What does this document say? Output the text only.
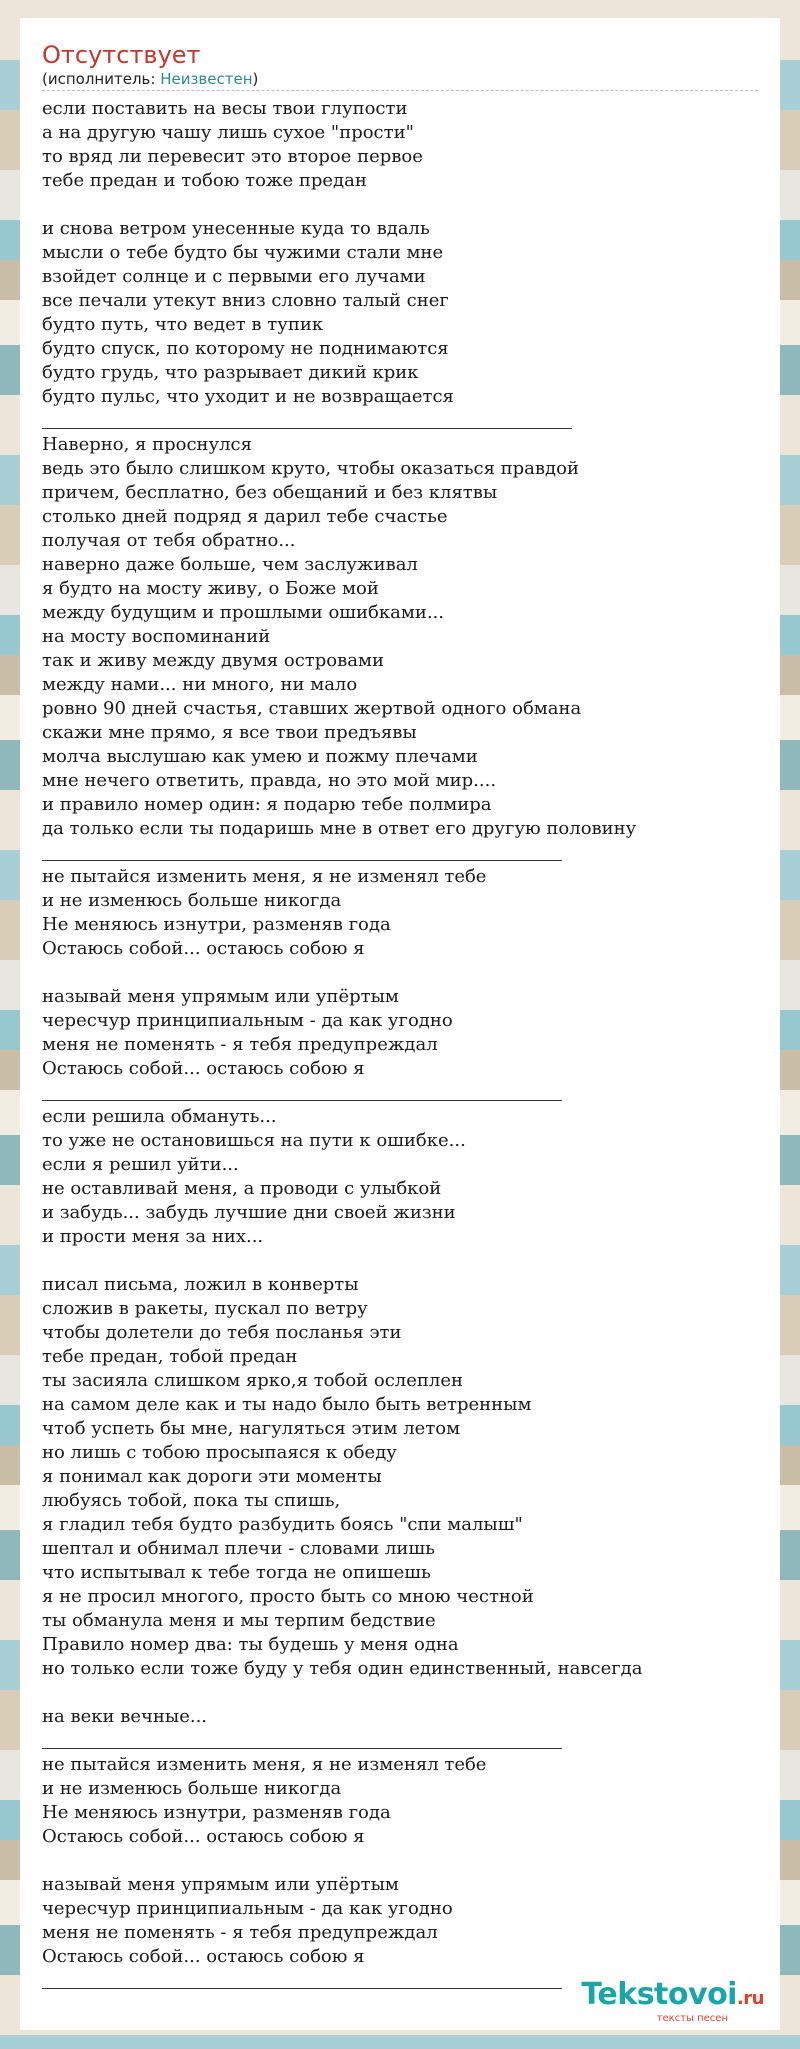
Отсутствует
(исполнитель: Неизвестен)
если поставить на весы твои глупости
а на другую чашу лишь сухое "прости"
то вряд ли перевесит это второе первое
тебе предан и тобою тоже предан
и снова ветром унесенные куда то вдаль
мысли о тебе будто бы чужими стали мне
взойдет солнце и с первыми его лучами
все печали утекут вниз словно талый снег
будто путь, что ведет в тупик
будто спуск, по которому не поднимаются
будто грудь, что разрывает дикий крик
будто пульс, что уходит и не возвращается
Наверно, я проснулся
ведь это было слишком круто, чтобы оказаться правдой
причем, бесплатно, без обещаний и без клятвы
столько дней подряд я дарил тебе счастье
получая от тебя обратно...
наверно даже больше, чем заслуживал
я будто на мосту живу, о Боже мой
между будущим и прошлыми ошибками...
на мосту воспоминаний
так и живу между двумя островами
между нами... ни много, ни мало
ровно 90 дней счастья, ставших жертвой одного обмана
скажи мне прямо, я все твои предъявы
молча выслушаю как умею и пожму плечами
мне нечего ответить, правда, но это мой мир....
и правило номер один: я подарю тебе полмира
да только если ты подаришь мне в ответ его другую половину
не пытайся изменить меня, я не изменял тебе
и не изменюсь больше никогда
Не меняюсь изнутри, разменяв года
Остаюсь собой... остаюсь собою я
называй меня упрямым или упёртым
чересчур принципиальным - да как угодно
меня не поменять - я тебя предупреждал
Остаюсь собой... остаюсь собою я
если решила обмануть...
то уже не остановишься на пути к ошибке...
если я решил уйти...
не оставливай меня, а проводи с улыбкой
и забудь... забудь лучшие дни своей жизни
и прости меня за них...
писал письма, ложил в конверты
сложив в ракеты, пускал по ветру
чтобы долетели до тебя посланья эти
тебе предан, тобой предан
ты засияла слишком ярко,я тобой ослеплен
на самом деле как и ты надо было быть ветренным
чтоб успеть бы мне, нагуляться этим летом
но лишь с тобою просыпаяся к обеду
я понимал как дороги эти моменты
любуясь тобой, пока ты спишь,
я гладил тебя будто разбудить боясь "спи малыш"
шептал и обнимал плечи - словами лишь
что испытывал к тебе тогда не опишешь
я не просил многого, просто быть со мною честной
ты обманула меня и мы терпим бедствие
Правило номер два: ты будешь у меня одна
но только если тоже буду у тебя один единственный, навсегда
на веки вечные...
не пытайся изменить меня, я не изменял тебе
и не изменюсь больше никогда
Не меняюсь изнутри, разменяв года
Остаюсь собой... остаюсь собою я
называй меня упрямым или упёртым
чересчур принципиальным - да как угодно
меня не поменять - я тебя предупреждал
Остаюсь собой... остаюсь собою я
Tekstovoi.ru
тексты песен
